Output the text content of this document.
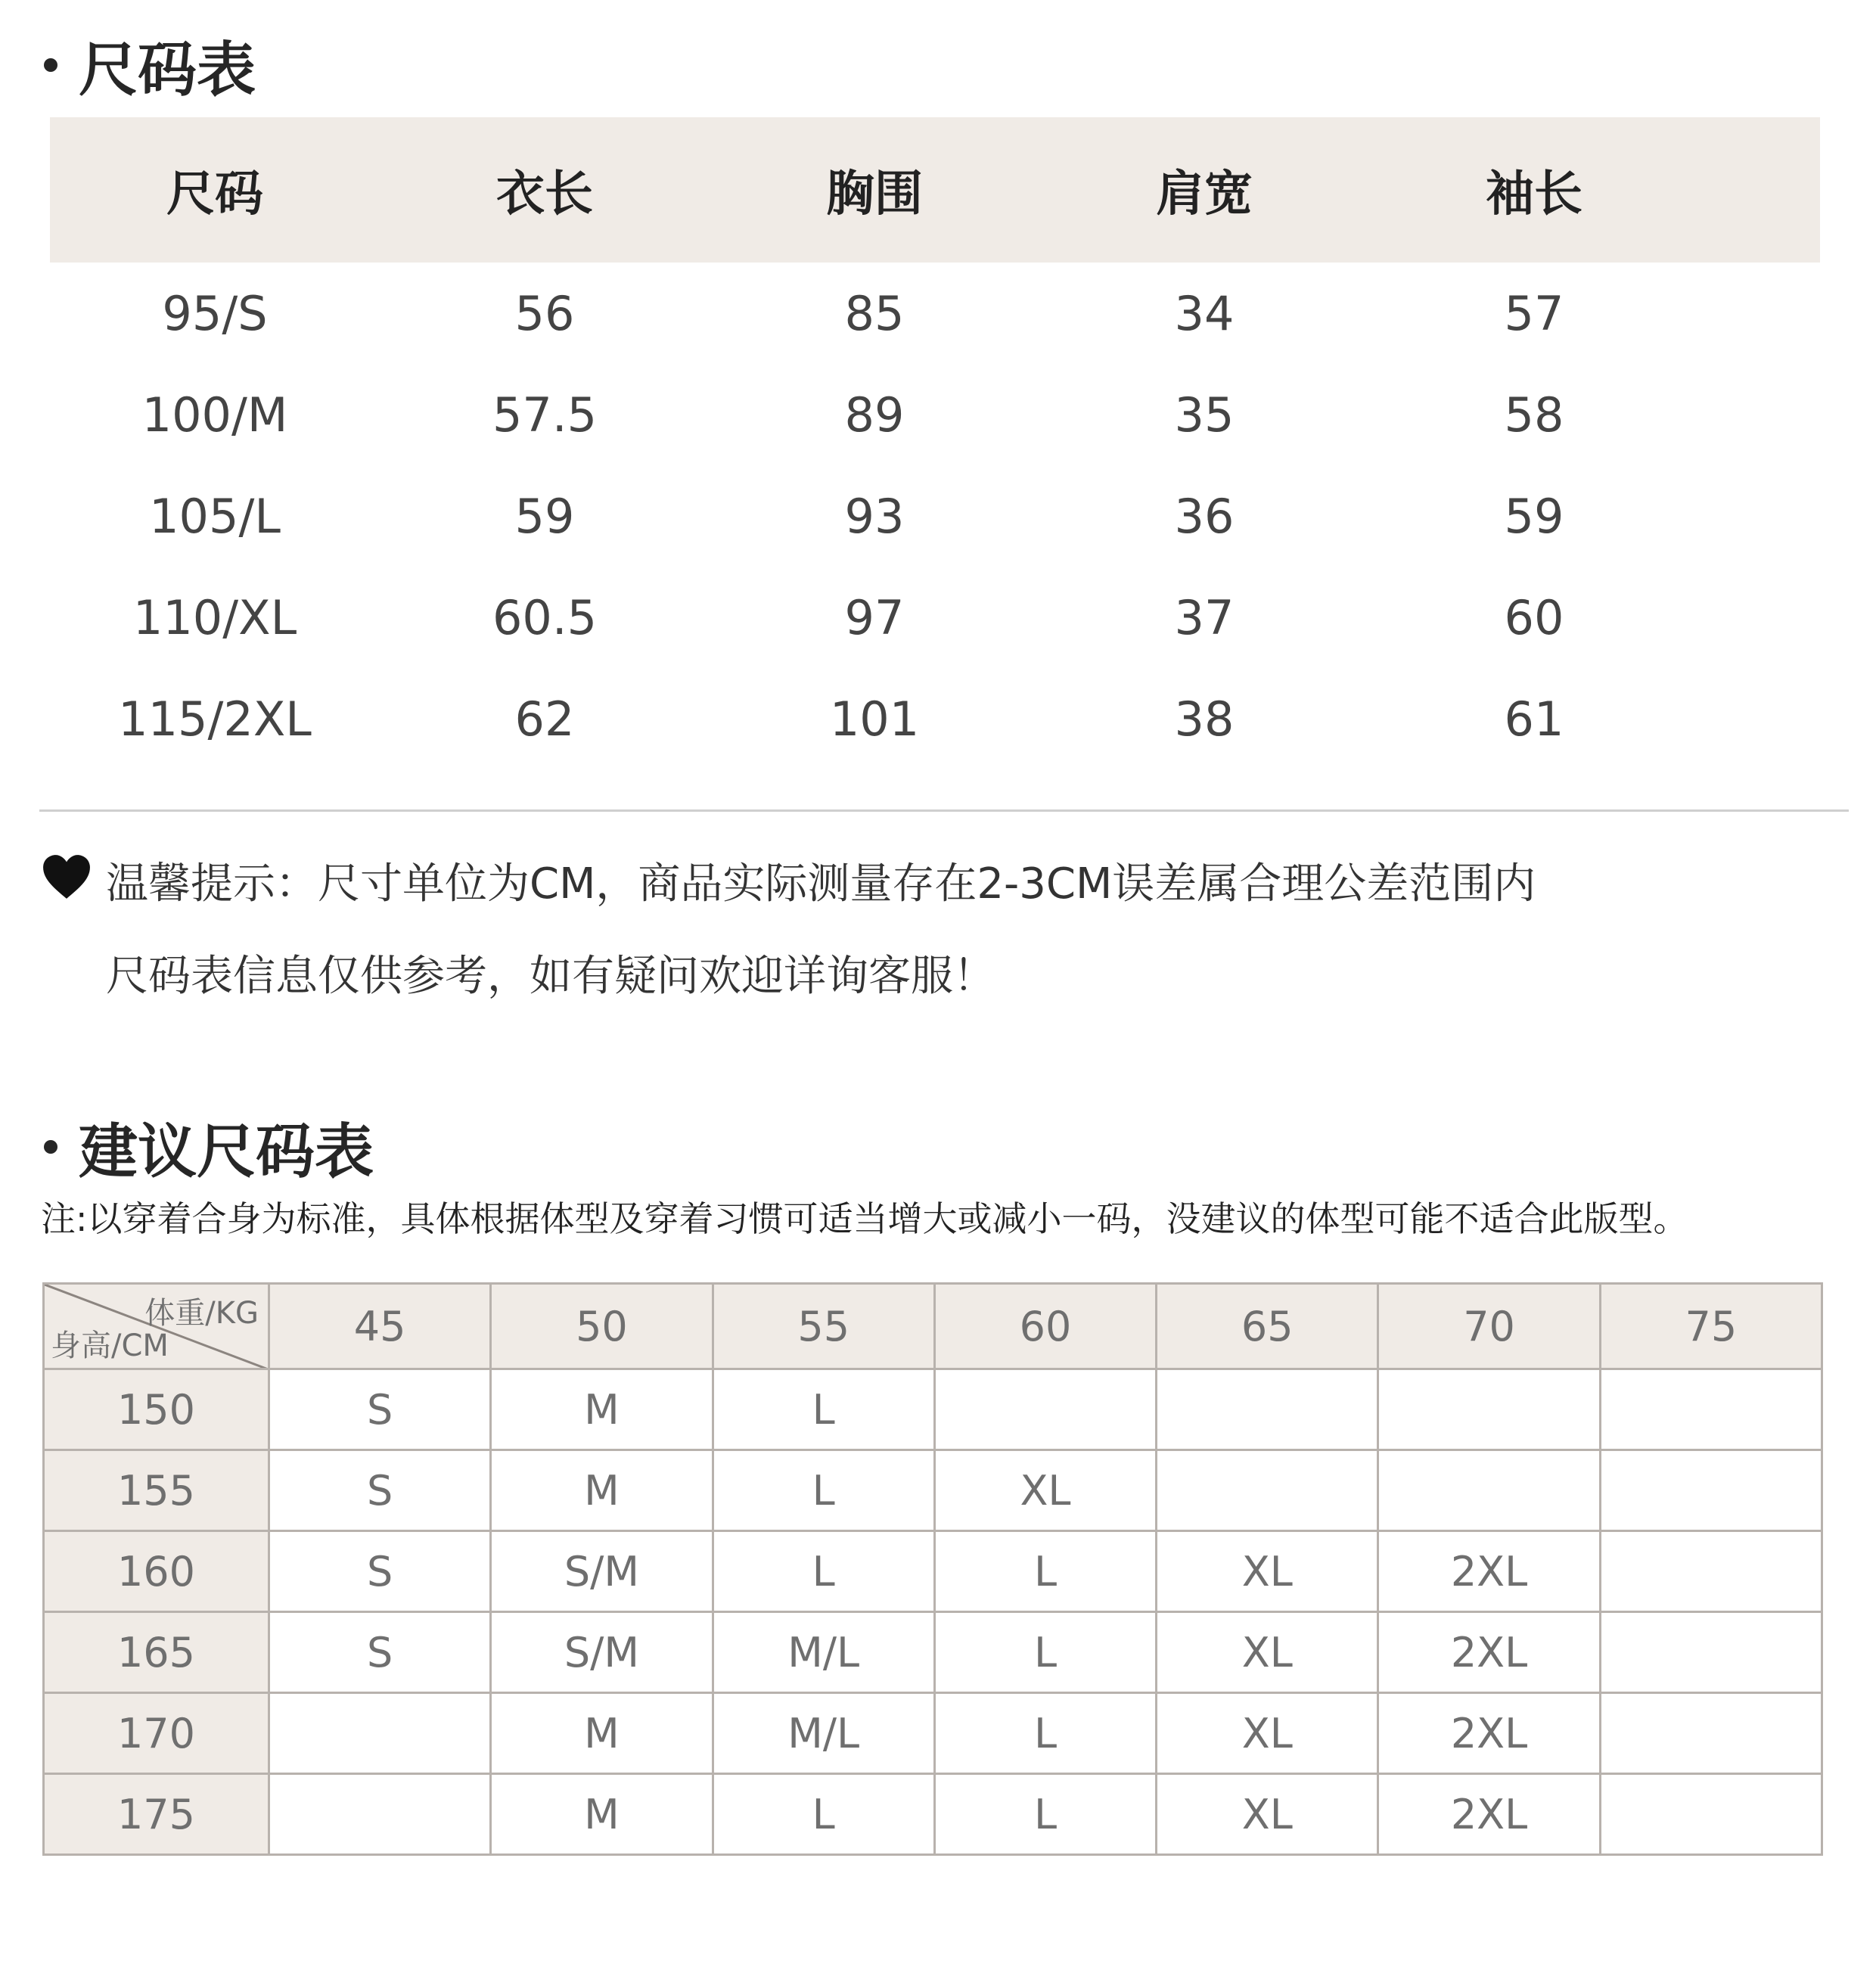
尺码表
尺码	衣长	胸围	肩宽	袖长
95/S	56	85	34	57
100/M	57.5	89	35	58
105/L	59	93	36	59
110/XL	60.5	97	37	60
115/2XL	62	101	38	61
温馨提示：尺寸单位为CM，商品实际测量存在2-3CM误差属合理公差范围内
尺码表信息仅供参考，如有疑问欢迎详询客服！
建议尺码表
注:以穿着合身为标准，具体根据体型及穿着习惯可适当增大或减小一码，没建议的体型可能不适合此版型。
体重/KG
身高/CM	45	50	55	60	65	70	75
150	S	M	L				
155	S	M	L	XL			
160	S	S/M	L	L	XL	2XL	
165	S	S/M	M/L	L	XL	2XL	
170		M	M/L	L	XL	2XL	
175		M	L	L	XL	2XL	
